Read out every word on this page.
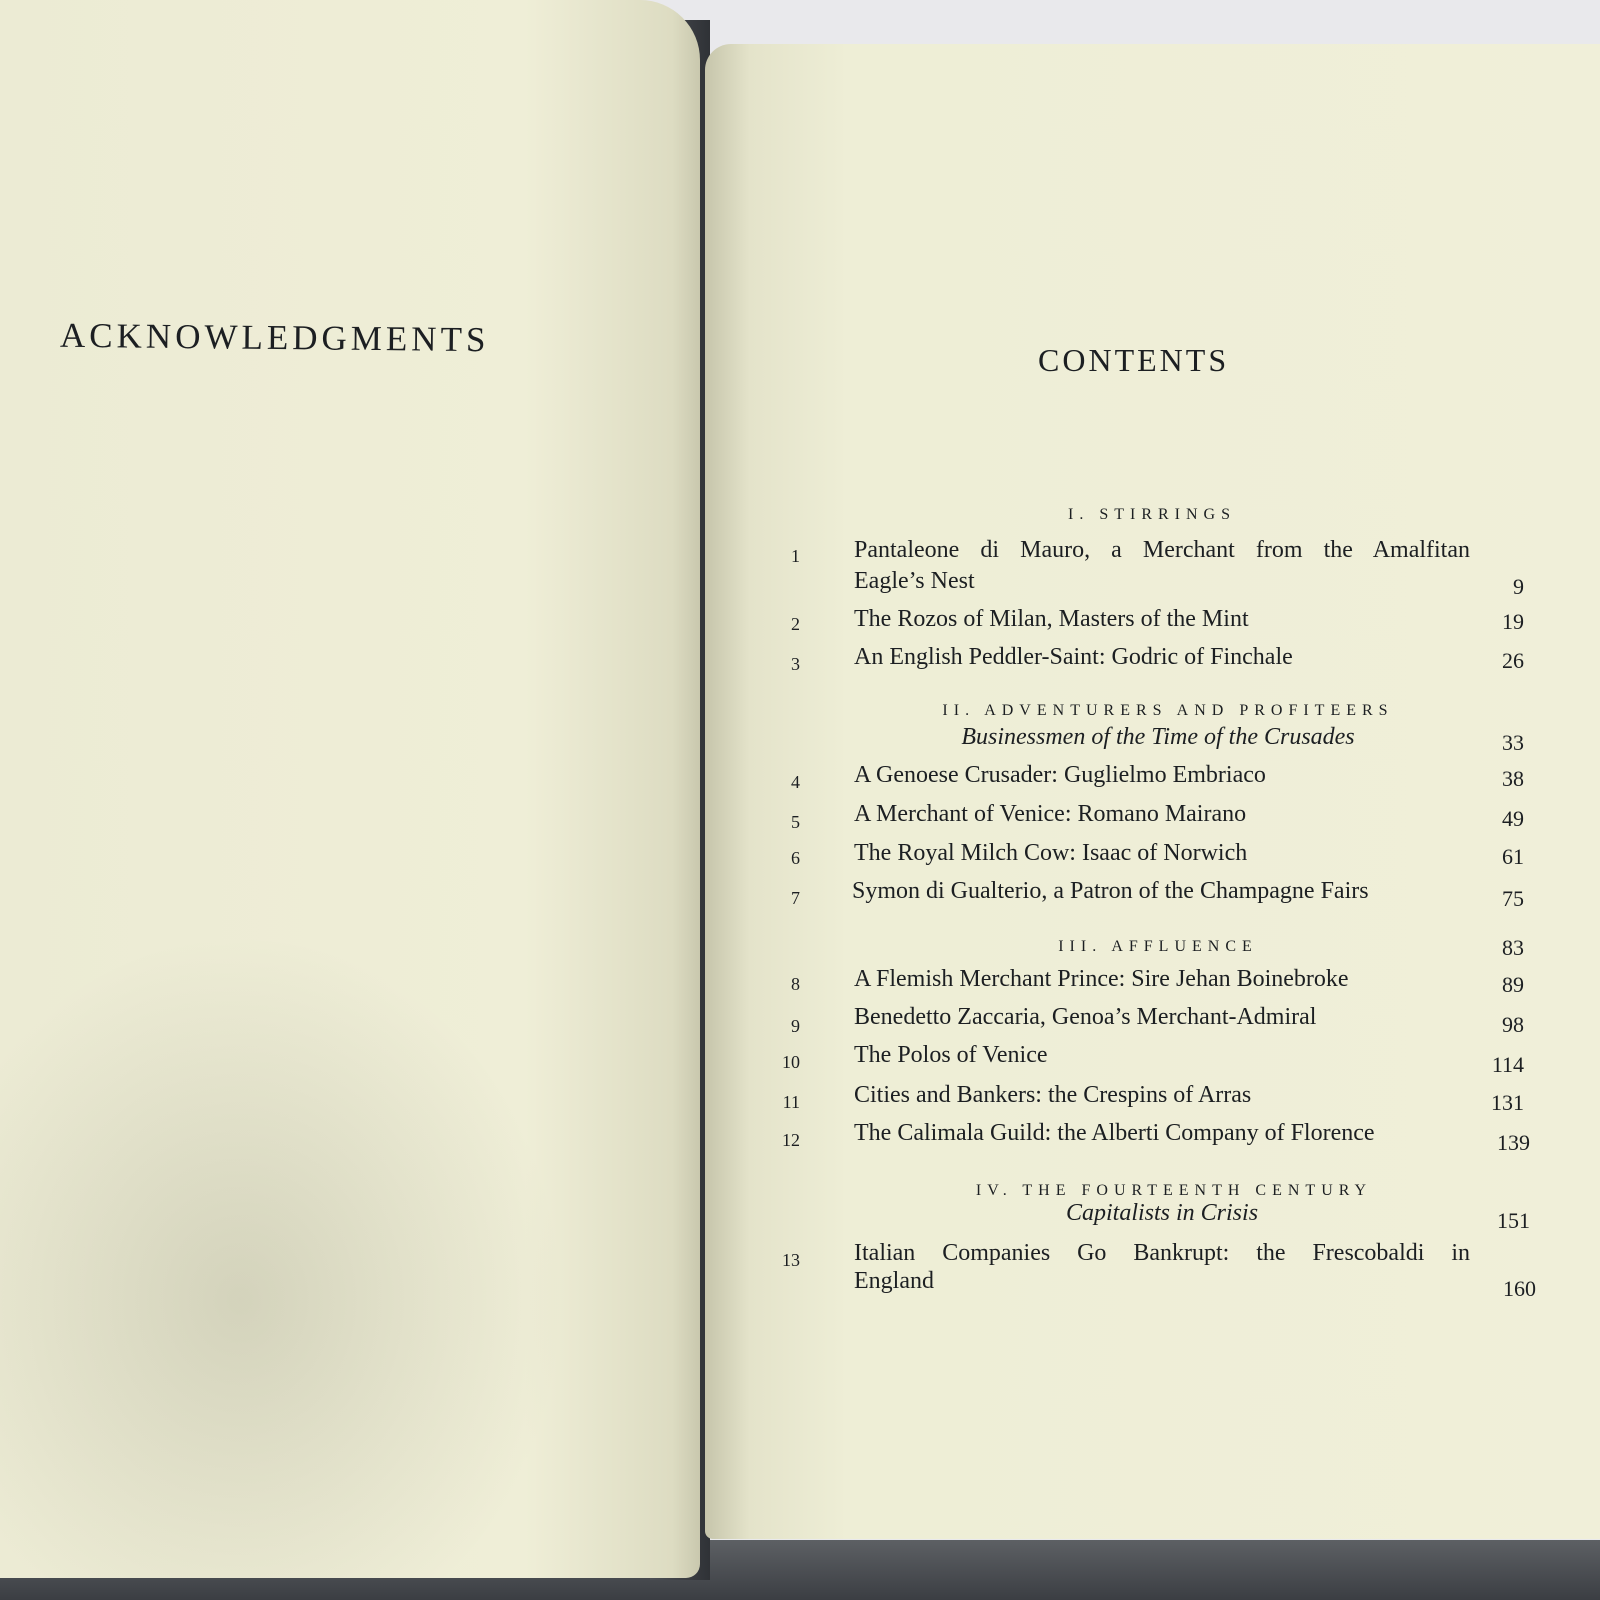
ACKNOWLEDGMENTS
CONTENTS
I. STIRRINGS
1 Pantaleone di Mauro, a Merchant from the Amalfitan
Eagle’s Nest	9
2 The Rozos of Milan, Masters of the Mint	19
3 An English Peddler-Saint: Godric of Finchale	26
II. ADVENTURERS AND PROFITEERS
Businessmen of the Time of the Crusades	33
4 A Genoese Crusader: Guglielmo Embriaco	38
5 A Merchant of Venice: Romano Mairano	49
6 The Royal Milch Cow: Isaac of Norwich	61
7 Symon di Gualterio, a Patron of the Champagne Fairs	75
III. AFFLUENCE	83
8 A Flemish Merchant Prince: Sire Jehan Boinebroke	89
9 Benedetto Zaccaria, Genoa’s Merchant-Admiral	98
10 The Polos of Venice	114
11 Cities and Bankers: the Crespins of Arras	131
12 The Calimala Guild: the Alberti Company of Florence	139
IV. THE FOURTEENTH CENTURY
Capitalists in Crisis	151
13 Italian Companies Go Bankrupt: the Frescobaldi in
England	160
